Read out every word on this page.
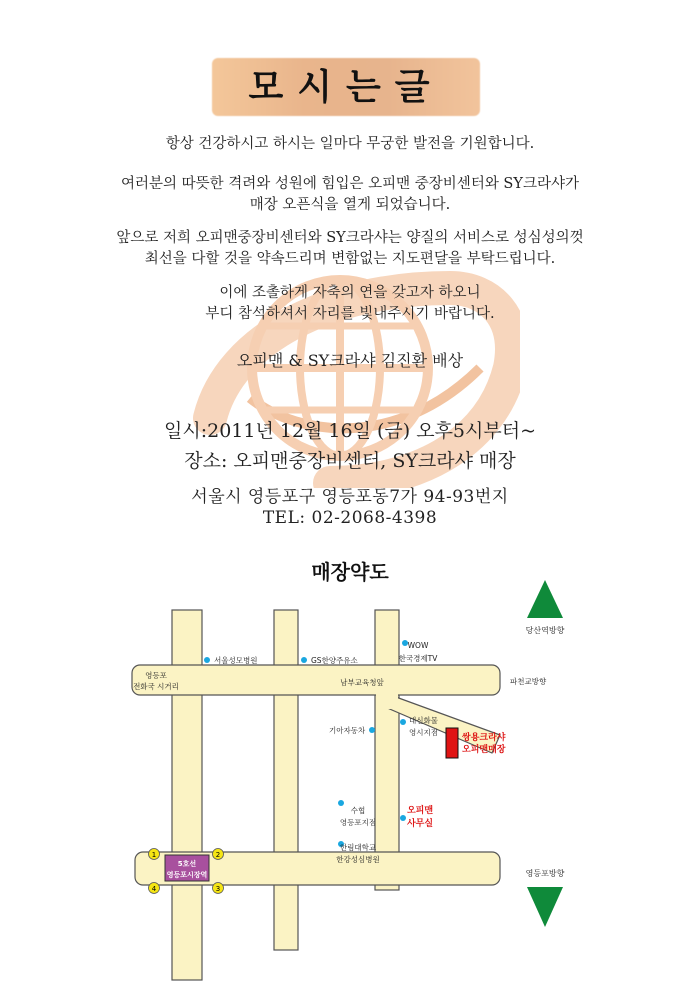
모시는글
항상 건강하시고 하시는 일마다 무궁한 발전을 기원합니다.
여러분의 따뜻한 격려와 성원에 힘입은 오피맨 중장비센터와 SY크라샤가
매장 오픈식을 열게 되었습니다.
앞으로 저희 오피맨중장비센터와 SY크라샤는 양질의 서비스로 성심성의껏
최선을 다할 것을 약속드리며 변함없는 지도편달을 부탁드립니다.
이에 조촐하게 자축의 연을 갖고자 하오니
부디 참석하셔서 자리를 빛내주시기 바랍니다.
오피맨 & SY크라샤 김진환 배상
일시:2011년 12월 16일 (금) 오후5시부터~
장소: 오피맨중장비센터, SY크라샤 매장
서울시 영등포구 영등포동7가 94-93번지
TEL: 02-2068-4398
매장약도
서울성모병원	GS한양주유소
WOW
한국경제TV
영등포
전화국 시거리	남부교육청앞	파천교방향
기아자동차
대신화물
영시지점
수협
영등포지점
한림대학교
한강성심병원
당산역방향
영등포방향
쌍용크라샤
오피맨매장
오피맨
사무실
5호선
영등포시장역
1	2
3
4
